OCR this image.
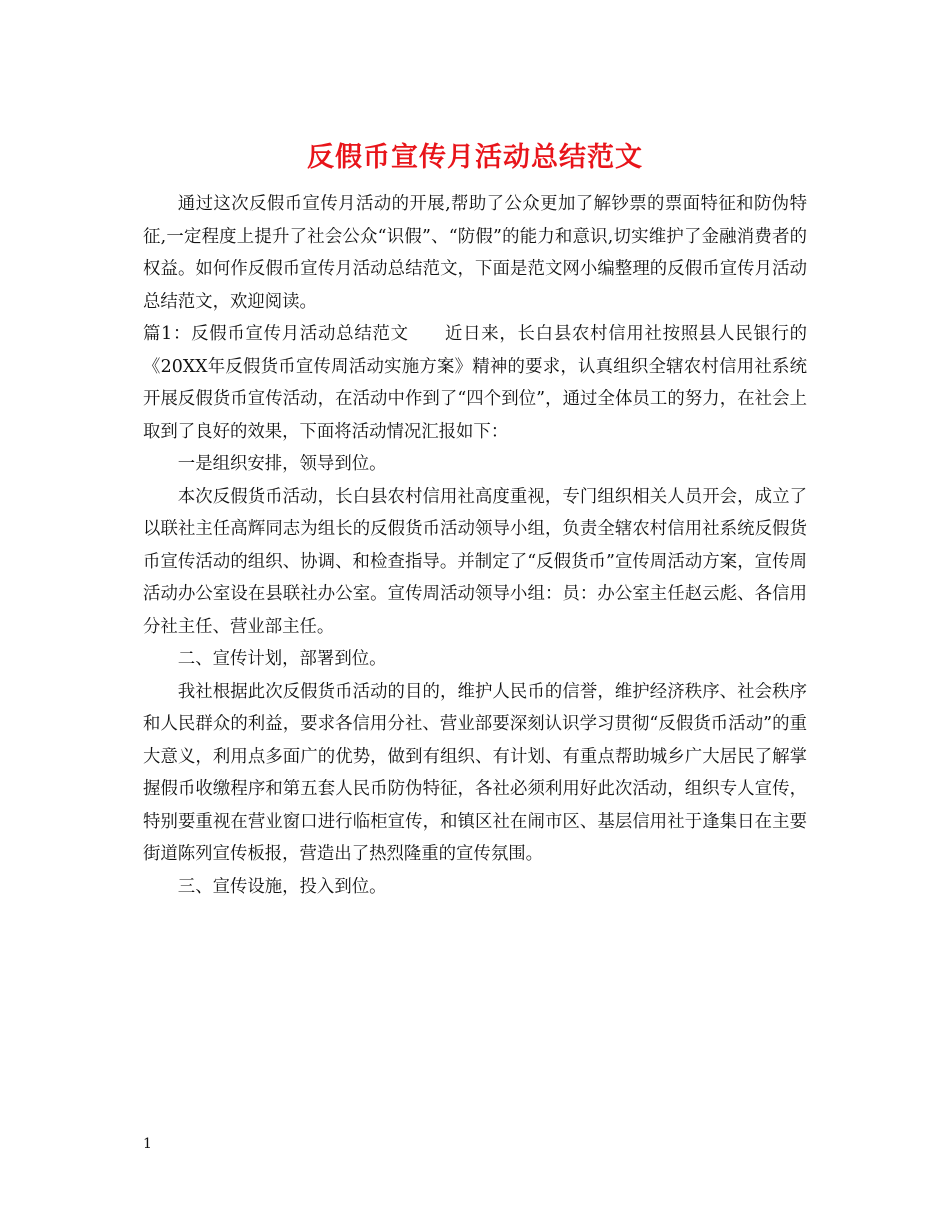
反假币宣传月活动总结范文

通过这次反假币宣传月活动的开展,帮助了公众更加了解钞票的票面特征和防伪特征,一定程度上提升了社会公众“识假”、“防假”的能力和意识,切实维护了金融消费者的权益。如何作反假币宣传月活动总结范文，下面是范文网小编整理的反假币宣传月活动总结范文，欢迎阅读。

篇1：反假币宣传月活动总结范文　　近日来，长白县农村信用社按照县人民银行的《20XX年反假货币宣传周活动实施方案》精神的要求，认真组织全辖农村信用社系统开展反假货币宣传活动，在活动中作到了“四个到位”，通过全体员工的努力，在社会上取到了良好的效果，下面将活动情况汇报如下：

一是组织安排，领导到位。

本次反假货币活动，长白县农村信用社高度重视，专门组织相关人员开会，成立了以联社主任高辉同志为组长的反假货币活动领导小组，负责全辖农村信用社系统反假货币宣传活动的组织、协调、和检查指导。并制定了“反假货币”宣传周活动方案，宣传周活动办公室设在县联社办公室。宣传周活动领导小组：员：办公室主任赵云彪、各信用分社主任、营业部主任。

二、宣传计划，部署到位。

我社根据此次反假货币活动的目的，维护人民币的信誉，维护经济秩序、社会秩序和人民群众的利益，要求各信用分社、营业部要深刻认识学习贯彻“反假货币活动”的重大意义，利用点多面广的优势，做到有组织、有计划、有重点帮助城乡广大居民了解掌握假币收缴程序和第五套人民币防伪特征，各社必须利用好此次活动，组织专人宣传，特别要重视在营业窗口进行临柜宣传，和镇区社在闹市区、基层信用社于逢集日在主要街道陈列宣传板报，营造出了热烈隆重的宣传氛围。

三、宣传设施，投入到位。

1
